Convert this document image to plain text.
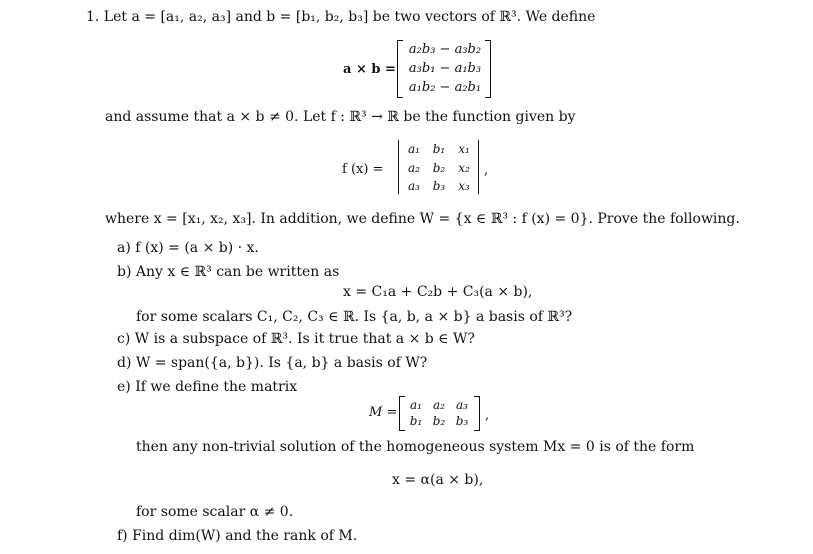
1. Let a = [a₁, a₂, a₃] and b = [b₁, b₂, b₃] be two vectors of ℝ³. We define
a × b =
a₂b₃ − a₃b₂
a₃b₁ − a₁b₃
a₁b₂ − a₂b₁
and assume that a × b ≠ 0. Let f : ℝ³ → ℝ be the function given by
f (x) =
a₁	b₁	x₁
a₂	b₂	x₂
a₃	b₃	x₃
,
where x = [x₁, x₂, x₃]. In addition, we define W = {x ∈ ℝ³ : f (x) = 0}. Prove the following.
a) f (x) = (a × b) · x.
b) Any x ∈ ℝ³ can be written as
x = C₁a + C₂b + C₃(a × b),
for some scalars C₁, C₂, C₃ ∈ ℝ. Is {a, b, a × b} a basis of ℝ³?
c) W is a subspace of ℝ³. Is it true that a × b ∈ W?
d) W = span({a, b}). Is {a, b} a basis of W?
e) If we define the matrix
M =	a₁ a₂ a₃
b₁ b₂ b₃ ,
then any non-trivial solution of the homogeneous system Mx = 0 is of the form
x = α(a × b),
for some scalar α ≠ 0.
f) Find dim(W) and the rank of M.
